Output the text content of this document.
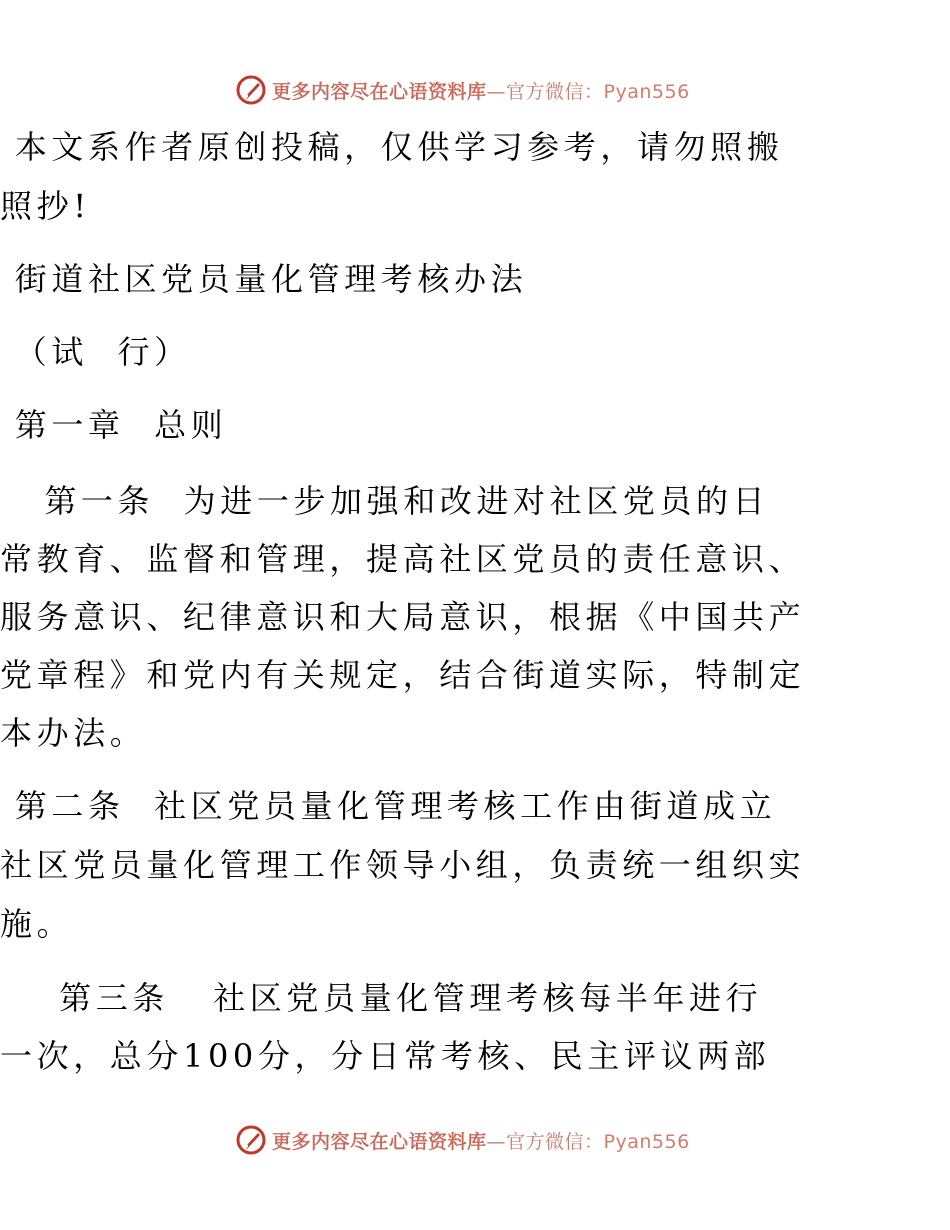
更多内容尽在心语资料库—官方微信：Pyan556
本文系作者原创投稿，仅供学习参考，请勿照搬
照抄!
街道社区党员量化管理考核办法
（试  行）
第一章  总则
第一条  为进一步加强和改进对社区党员的日
常教育、监督和管理，提高社区党员的责任意识、
服务意识、纪律意识和大局意识，根据《中国共产
党章程》和党内有关规定，结合街道实际，特制定
本办法。
第二条  社区党员量化管理考核工作由街道成立
社区党员量化管理工作领导小组，负责统一组织实
施。
第三条   社区党员量化管理考核每半年进行
一次，总分100分，分日常考核、民主评议两部
更多内容尽在心语资料库—官方微信：Pyan556
